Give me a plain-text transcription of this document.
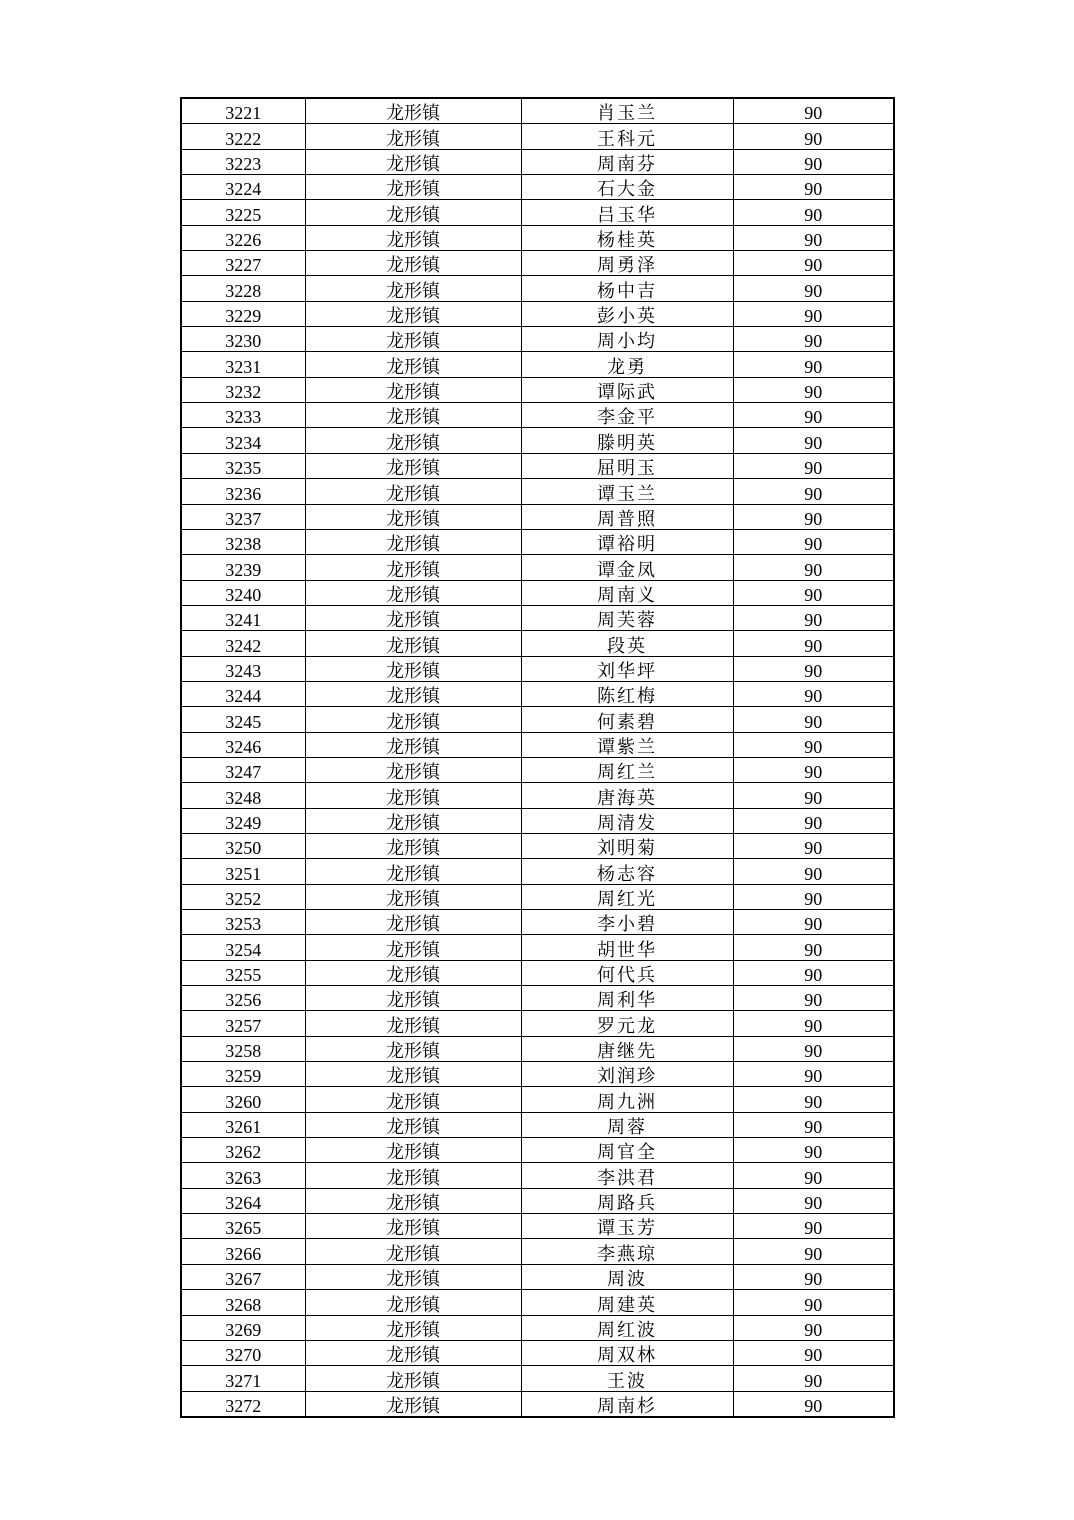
3221	龙形镇	肖玉兰	90
3222	龙形镇	王科元	90
3223	龙形镇	周南芬	90
3224	龙形镇	石大金	90
3225	龙形镇	吕玉华	90
3226	龙形镇	杨桂英	90
3227	龙形镇	周勇泽	90
3228	龙形镇	杨中吉	90
3229	龙形镇	彭小英	90
3230	龙形镇	周小均	90
3231	龙形镇	龙勇	90
3232	龙形镇	谭际武	90
3233	龙形镇	李金平	90
3234	龙形镇	滕明英	90
3235	龙形镇	屈明玉	90
3236	龙形镇	谭玉兰	90
3237	龙形镇	周普照	90
3238	龙形镇	谭裕明	90
3239	龙形镇	谭金凤	90
3240	龙形镇	周南义	90
3241	龙形镇	周芙蓉	90
3242	龙形镇	段英	90
3243	龙形镇	刘华坪	90
3244	龙形镇	陈红梅	90
3245	龙形镇	何素碧	90
3246	龙形镇	谭紫兰	90
3247	龙形镇	周红兰	90
3248	龙形镇	唐海英	90
3249	龙形镇	周清发	90
3250	龙形镇	刘明菊	90
3251	龙形镇	杨志容	90
3252	龙形镇	周红光	90
3253	龙形镇	李小碧	90
3254	龙形镇	胡世华	90
3255	龙形镇	何代兵	90
3256	龙形镇	周利华	90
3257	龙形镇	罗元龙	90
3258	龙形镇	唐继先	90
3259	龙形镇	刘润珍	90
3260	龙形镇	周九洲	90
3261	龙形镇	周蓉	90
3262	龙形镇	周官全	90
3263	龙形镇	李洪君	90
3264	龙形镇	周路兵	90
3265	龙形镇	谭玉芳	90
3266	龙形镇	李燕琼	90
3267	龙形镇	周波	90
3268	龙形镇	周建英	90
3269	龙形镇	周红波	90
3270	龙形镇	周双林	90
3271	龙形镇	王波	90
3272	龙形镇	周南杉	90
